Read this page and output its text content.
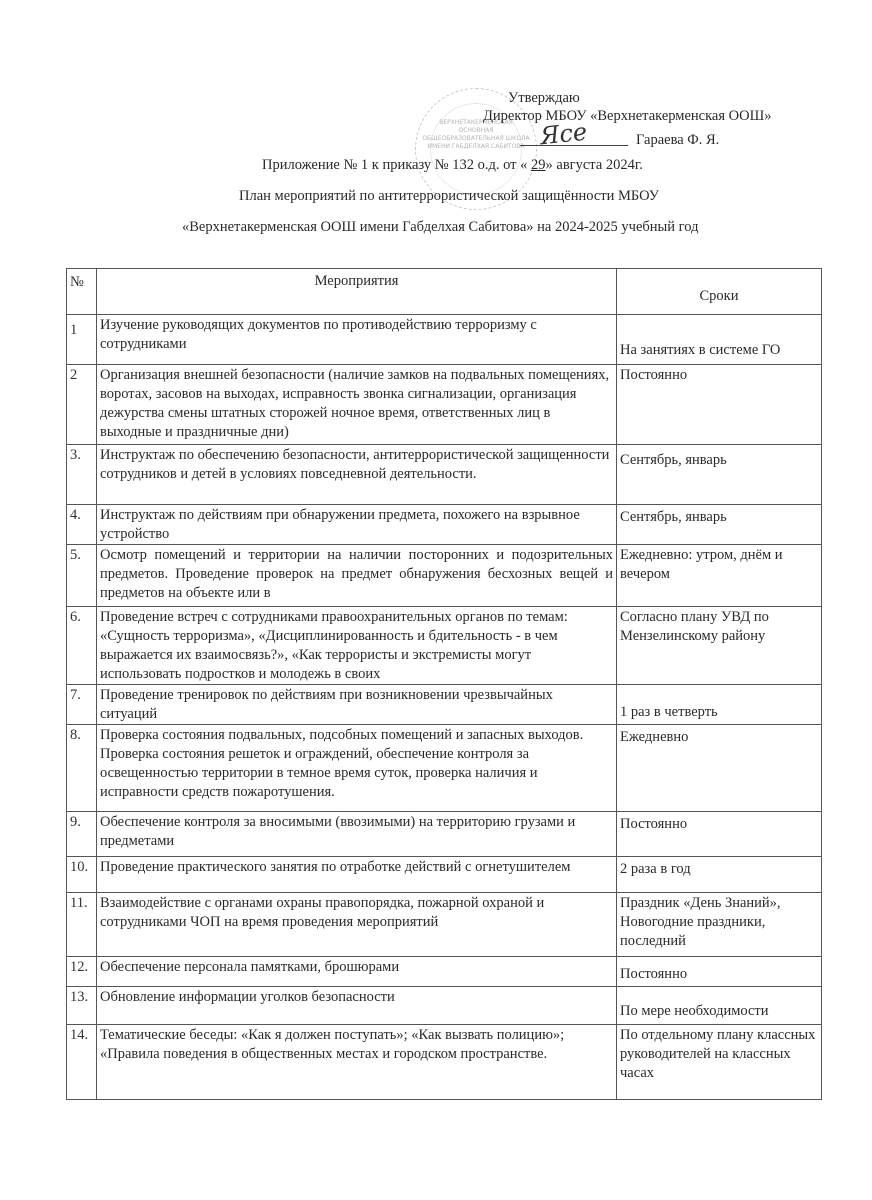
ВЕРХНЕТАКЕРМЕНСКАЯ ОСНОВНАЯ ОБЩЕОБРАЗОВАТЕЛЬНАЯ ШКОЛА ИМЕНИ ГАБДЕЛХАЯ САБИТОВА
Утверждаю
Директор МБОУ «Верхнетакерменская ООШ»
Ясе	Гараева Ф. Я.
Приложение № 1 к приказу № 132 о.д. от « 29» августа 2024г.
План мероприятий по антитеррористической защищённости МБОУ
«Верхнетакерменская ООШ имени Габделхая Сабитова» на 2024-2025 учебный год
№	Мероприятия	Сроки
1	Изучение руководящих документов по противодействию терроризму с сотрудниками	На занятиях в системе ГО
2	Организация внешней безопасности (наличие замков на подвальных помещениях, воротах, засовов на выходах, исправность звонка сигнализации, организация дежурства смены штатных сторожей ночное время, ответственных лиц в выходные и праздничные дни)	Постоянно
3.	Инструктаж по обеспечению безопасности, антитеррористической защищенности сотрудников и детей в условиях повседневной деятельности.	Сентябрь, январь
4.	Инструктаж по действиям при обнаружении предмета, похожего на взрывное устройство	Сентябрь, январь
5.	Осмотр помещений и территории на наличии посторонних и подозрительных предметов. Проведение проверок на предмет обнаружения бесхозных вещей и предметов на объекте или в	Ежедневно: утром, днём и вечером
6.	Проведение встреч с сотрудниками правоохранительных органов по темам: «Сущность терроризма», «Дисциплинированность и бдительность - в чем выражается их взаимосвязь?», «Как террористы и экстремисты могут использовать подростков и молодежь в своих	Согласно плану УВД по Мензелинскому району
7.	Проведение тренировок по действиям при возникновении чрезвычайных ситуаций	1 раз в четверть
8.	Проверка состояния подвальных, подсобных помещений и запасных выходов. Проверка состояния решеток и ограждений, обеспечение контроля за освещенностью территории в темное время суток, проверка наличия и исправности средств пожаротушения.	Ежедневно
9.	Обеспечение контроля за вносимыми (ввозимыми) на территорию грузами и предметами	Постоянно
10.	Проведение практического занятия по отработке действий с огнетушителем	2 раза в год
11.	Взаимодействие с органами охраны правопорядка, пожарной охраной и сотрудниками ЧОП на время проведения мероприятий	Праздник «День Знаний», Новогодние праздники, последний
12.	Обеспечение персонала памятками, брошюрами	Постоянно
13.	Обновление информации уголков безопасности	По мере необходимости
14.	Тематические беседы: «Как я должен поступать»; «Как вызвать полицию»; «Правила поведения в общественных местах и городском пространстве.	По отдельному плану классных руководителей на классных часах
